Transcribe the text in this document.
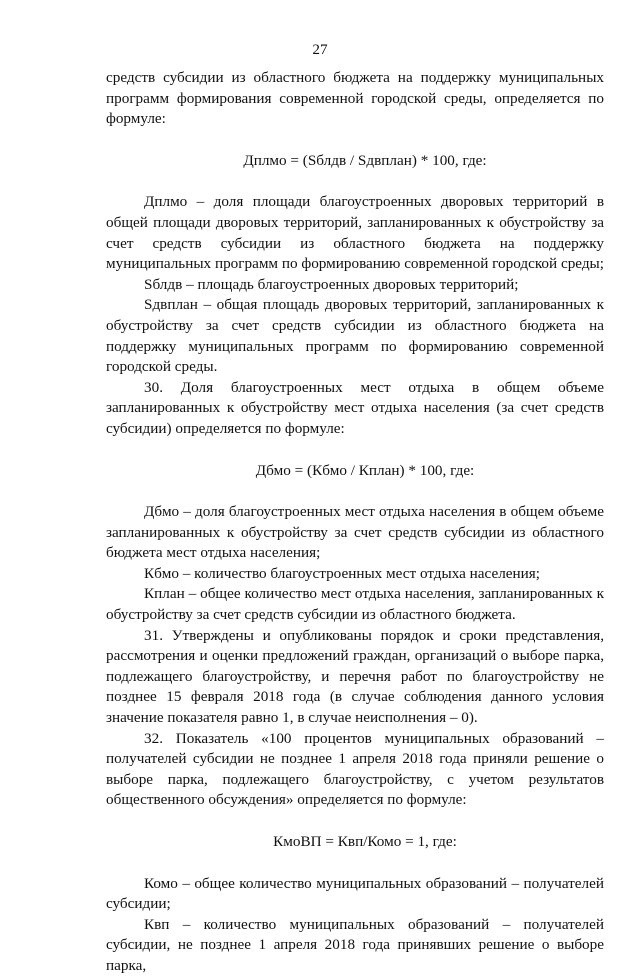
27

средств субсидии из областного бюджета на поддержку муниципальных программ формирования современной городской среды, определяется по формуле:

Дплмо = (Sблдв / Sдвплан) * 100, где:

Дплмо – доля площади благоустроенных дворовых территорий в общей площади дворовых территорий, запланированных к обустройству за счет средств субсидии из областного бюджета на поддержку муниципальных программ по формированию современной городской среды;

Sблдв – площадь благоустроенных дворовых территорий;

Sдвплан – общая площадь дворовых территорий, запланированных к обустройству за счет средств субсидии из областного бюджета на поддержку муниципальных программ по формированию современной городской среды.

30. Доля благоустроенных мест отдыха в общем объеме запланированных к обустройству мест отдыха населения (за счет средств субсидии) определяется по формуле:

Дбмо = (Кбмо / Кплан) * 100, где:

Дбмо – доля благоустроенных мест отдыха населения в общем объеме запланированных к обустройству за счет средств субсидии из областного бюджета мест отдыха населения;

Кбмо – количество благоустроенных мест отдыха населения;

Кплан – общее количество мест отдыха населения, запланированных к обустройству за счет средств субсидии из областного бюджета.

31. Утверждены и опубликованы порядок и сроки представления, рассмотрения и оценки предложений граждан, организаций о выборе парка, подлежащего благоустройству, и перечня работ по благоустройству не позднее 15 февраля 2018 года (в случае соблюдения данного условия значение показателя равно 1, в случае неисполнения – 0).

32. Показатель «100 процентов муниципальных образований – получателей субсидии не позднее 1 апреля 2018 года приняли решение о выборе парка, подлежащего благоустройству, с учетом результатов общественного обсуждения» определяется по формуле:

КмоВП = Квп/Комо = 1, где:

Комо – общее количество муниципальных образований – получателей субсидии;

Квп – количество муниципальных образований – получателей субсидии, не позднее 1 апреля 2018 года принявших решение о выборе парка,
